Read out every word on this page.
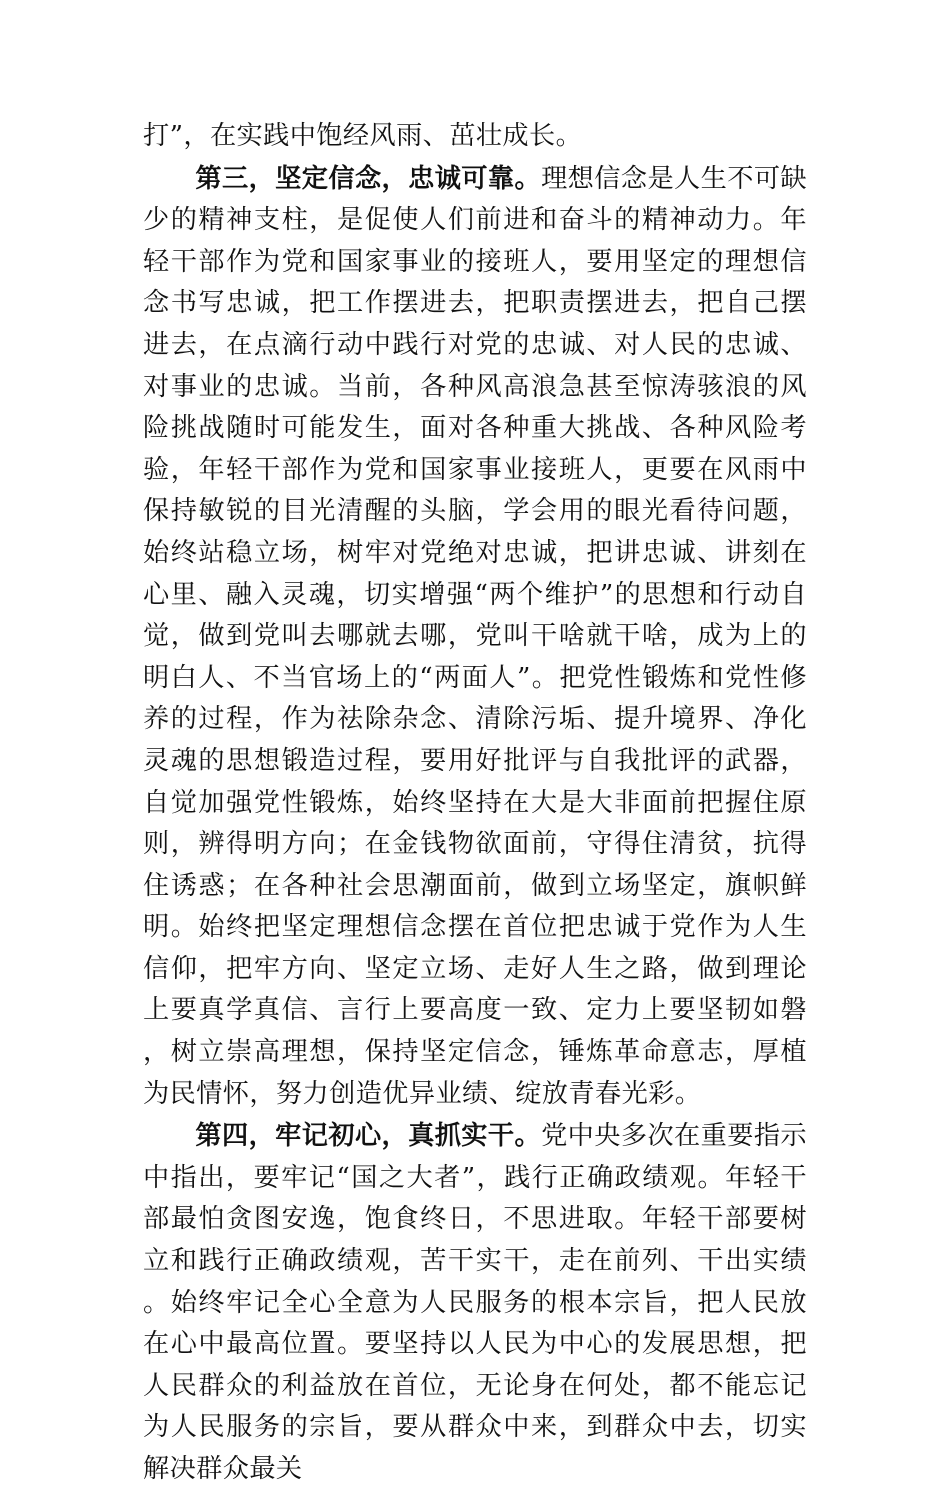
打”，在实践中饱经风雨、茁壮成长。

第三，坚定信念，忠诚可靠。理想信念是人生不可缺少的精神支柱，是促使人们前进和奋斗的精神动力。年轻干部作为党和国家事业的接班人，要用坚定的理想信念书写忠诚，把工作摆进去，把职责摆进去，把自己摆进去，在点滴行动中践行对党的忠诚、对人民的忠诚、对事业的忠诚。当前，各种风高浪急甚至惊涛骇浪的风险挑战随时可能发生，面对各种重大挑战、各种风险考验，年轻干部作为党和国家事业接班人，更要在风雨中保持敏锐的目光清醒的头脑，学会用的眼光看待问题，始终站稳立场，树牢对党绝对忠诚，把讲忠诚、讲刻在心里、融入灵魂，切实增强“两个维护”的思想和行动自觉，做到党叫去哪就去哪，党叫干啥就干啥，成为上的明白人、不当官场上的“两面人”。把党性锻炼和党性修养的过程，作为祛除杂念、清除污垢、提升境界、净化灵魂的思想锻造过程，要用好批评与自我批评的武器，自觉加强党性锻炼，始终坚持在大是大非面前把握住原则，辨得明方向；在金钱物欲面前，守得住清贫，抗得住诱惑；在各种社会思潮面前，做到立场坚定，旗帜鲜明。始终把坚定理想信念摆在首位把忠诚于党作为人生信仰，把牢方向、坚定立场、走好人生之路，做到理论上要真学真信、言行上要高度一致、定力上要坚韧如磐，树立崇高理想，保持坚定信念，锤炼革命意志，厚植为民情怀，努力创造优异业绩、绽放青春光彩。

第四，牢记初心，真抓实干。党中央多次在重要指示中指出，要牢记“国之大者”，践行正确政绩观。年轻干部最怕贪图安逸，饱食终日，不思进取。年轻干部要树立和践行正确政绩观，苦干实干，走在前列、干出实绩。始终牢记全心全意为人民服务的根本宗旨，把人民放在心中最高位置。要坚持以人民为中心的发展思想，把人民群众的利益放在首位，无论身在何处，都不能忘记为人民服务的宗旨，要从群众中来，到群众中去，切实解决群众最关
